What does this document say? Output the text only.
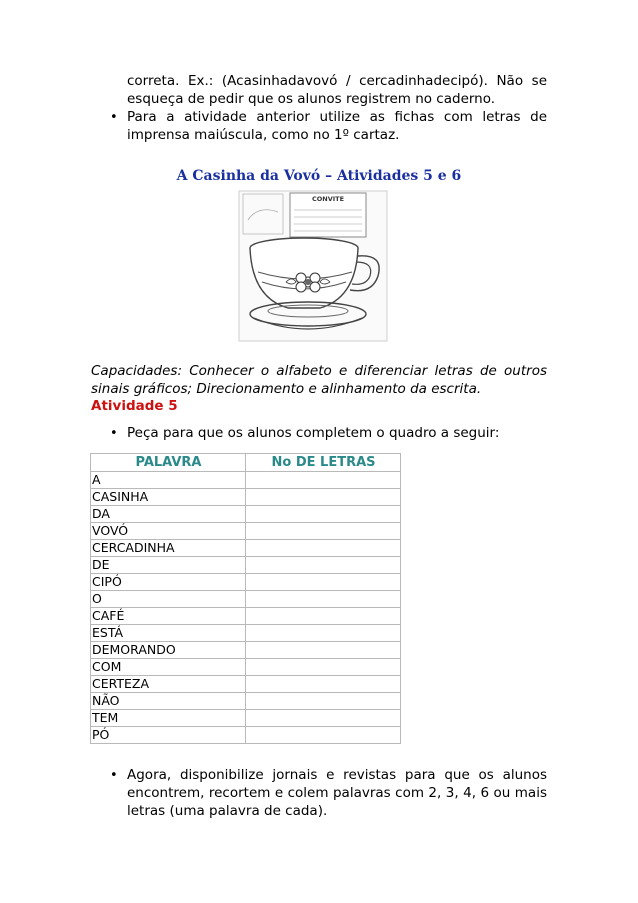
correta. Ex.: (Acasinhadavovó / cercadinhadecipó). Não se
esqueça de pedir que os alunos registrem no caderno.
• Para a atividade anterior utilize as fichas com letras de
imprensa maiúscula, como no 1º cartaz.
A Casinha da Vovó – Atividades 5 e 6
CONVITE
Capacidades: Conhecer o alfabeto e diferenciar letras de outros sinais gráficos; Direcionamento e alinhamento da escrita.
Atividade 5
• Peça para que os alunos completem o quadro a seguir:
PALAVRA	No DE LETRAS
A	
CASINHA	
DA	
VOVÓ	
CERCADINHA	
DE	
CIPÓ	
O	
CAFÉ	
ESTÁ	
DEMORANDO	
COM	
CERTEZA	
NÃO	
TEM	
PÓ	
• Agora, disponibilize jornais e revistas para que os alunos
encontrem, recortem e colem palavras com 2, 3, 4, 6 ou mais
letras (uma palavra de cada).
